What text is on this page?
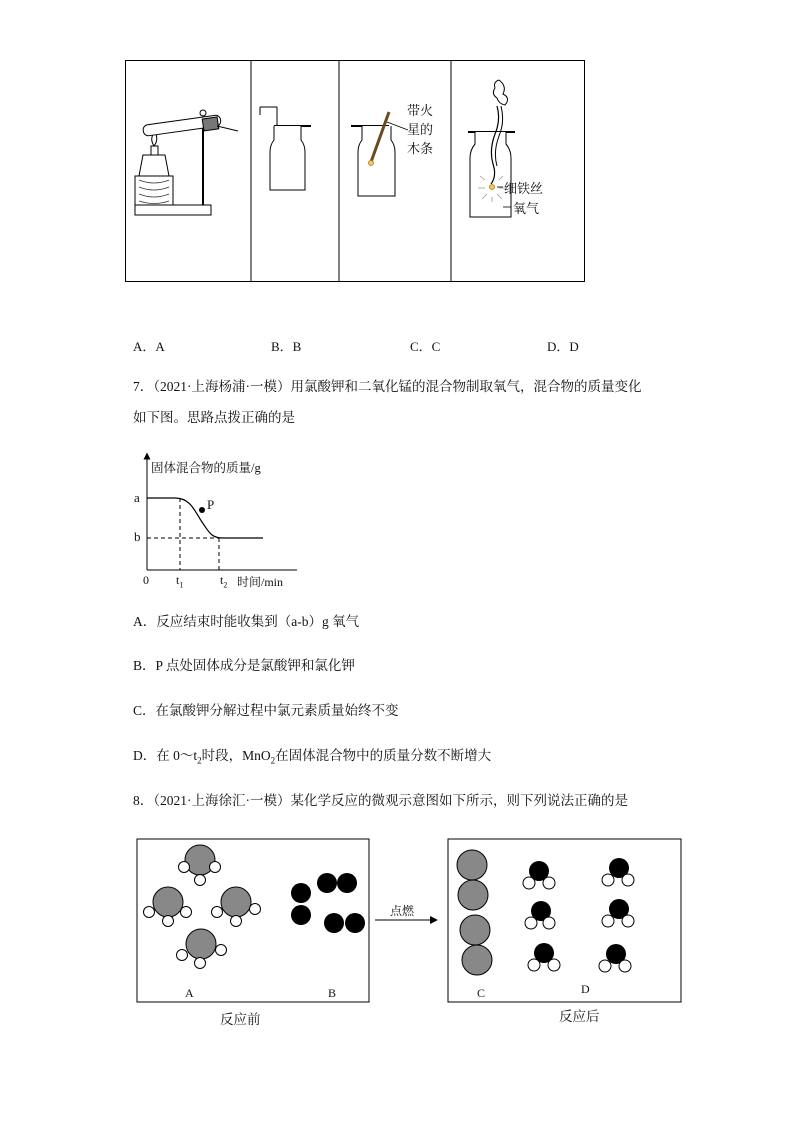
带火
星的
木条
细铁丝
氧气
A．A	B．B	C．C	D．D
7．（2021·上海杨浦·一模）用氯酸钾和二氧化锰的混合物制取氧气，混合物的质量变化
如下图。思路点拨正确的是
固体混合物的质量/g
a
b
P
0 $t_1$	$t_2$ 时间/min
A．反应结束时能收集到（a-b）g 氧气
B．P 点处固体成分是氯酸钾和氯化钾
C．在氯酸钾分解过程中氯元素质量始终不变
D．在 $0\sim t_2$时段，MnO$_2$在固体混合物中的质量分数不断增大
8．（2021·上海徐汇·一模）某化学反应的微观示意图如下所示，则下列说法正确的是
点燃
A	B	C	D
反应前	反应后
